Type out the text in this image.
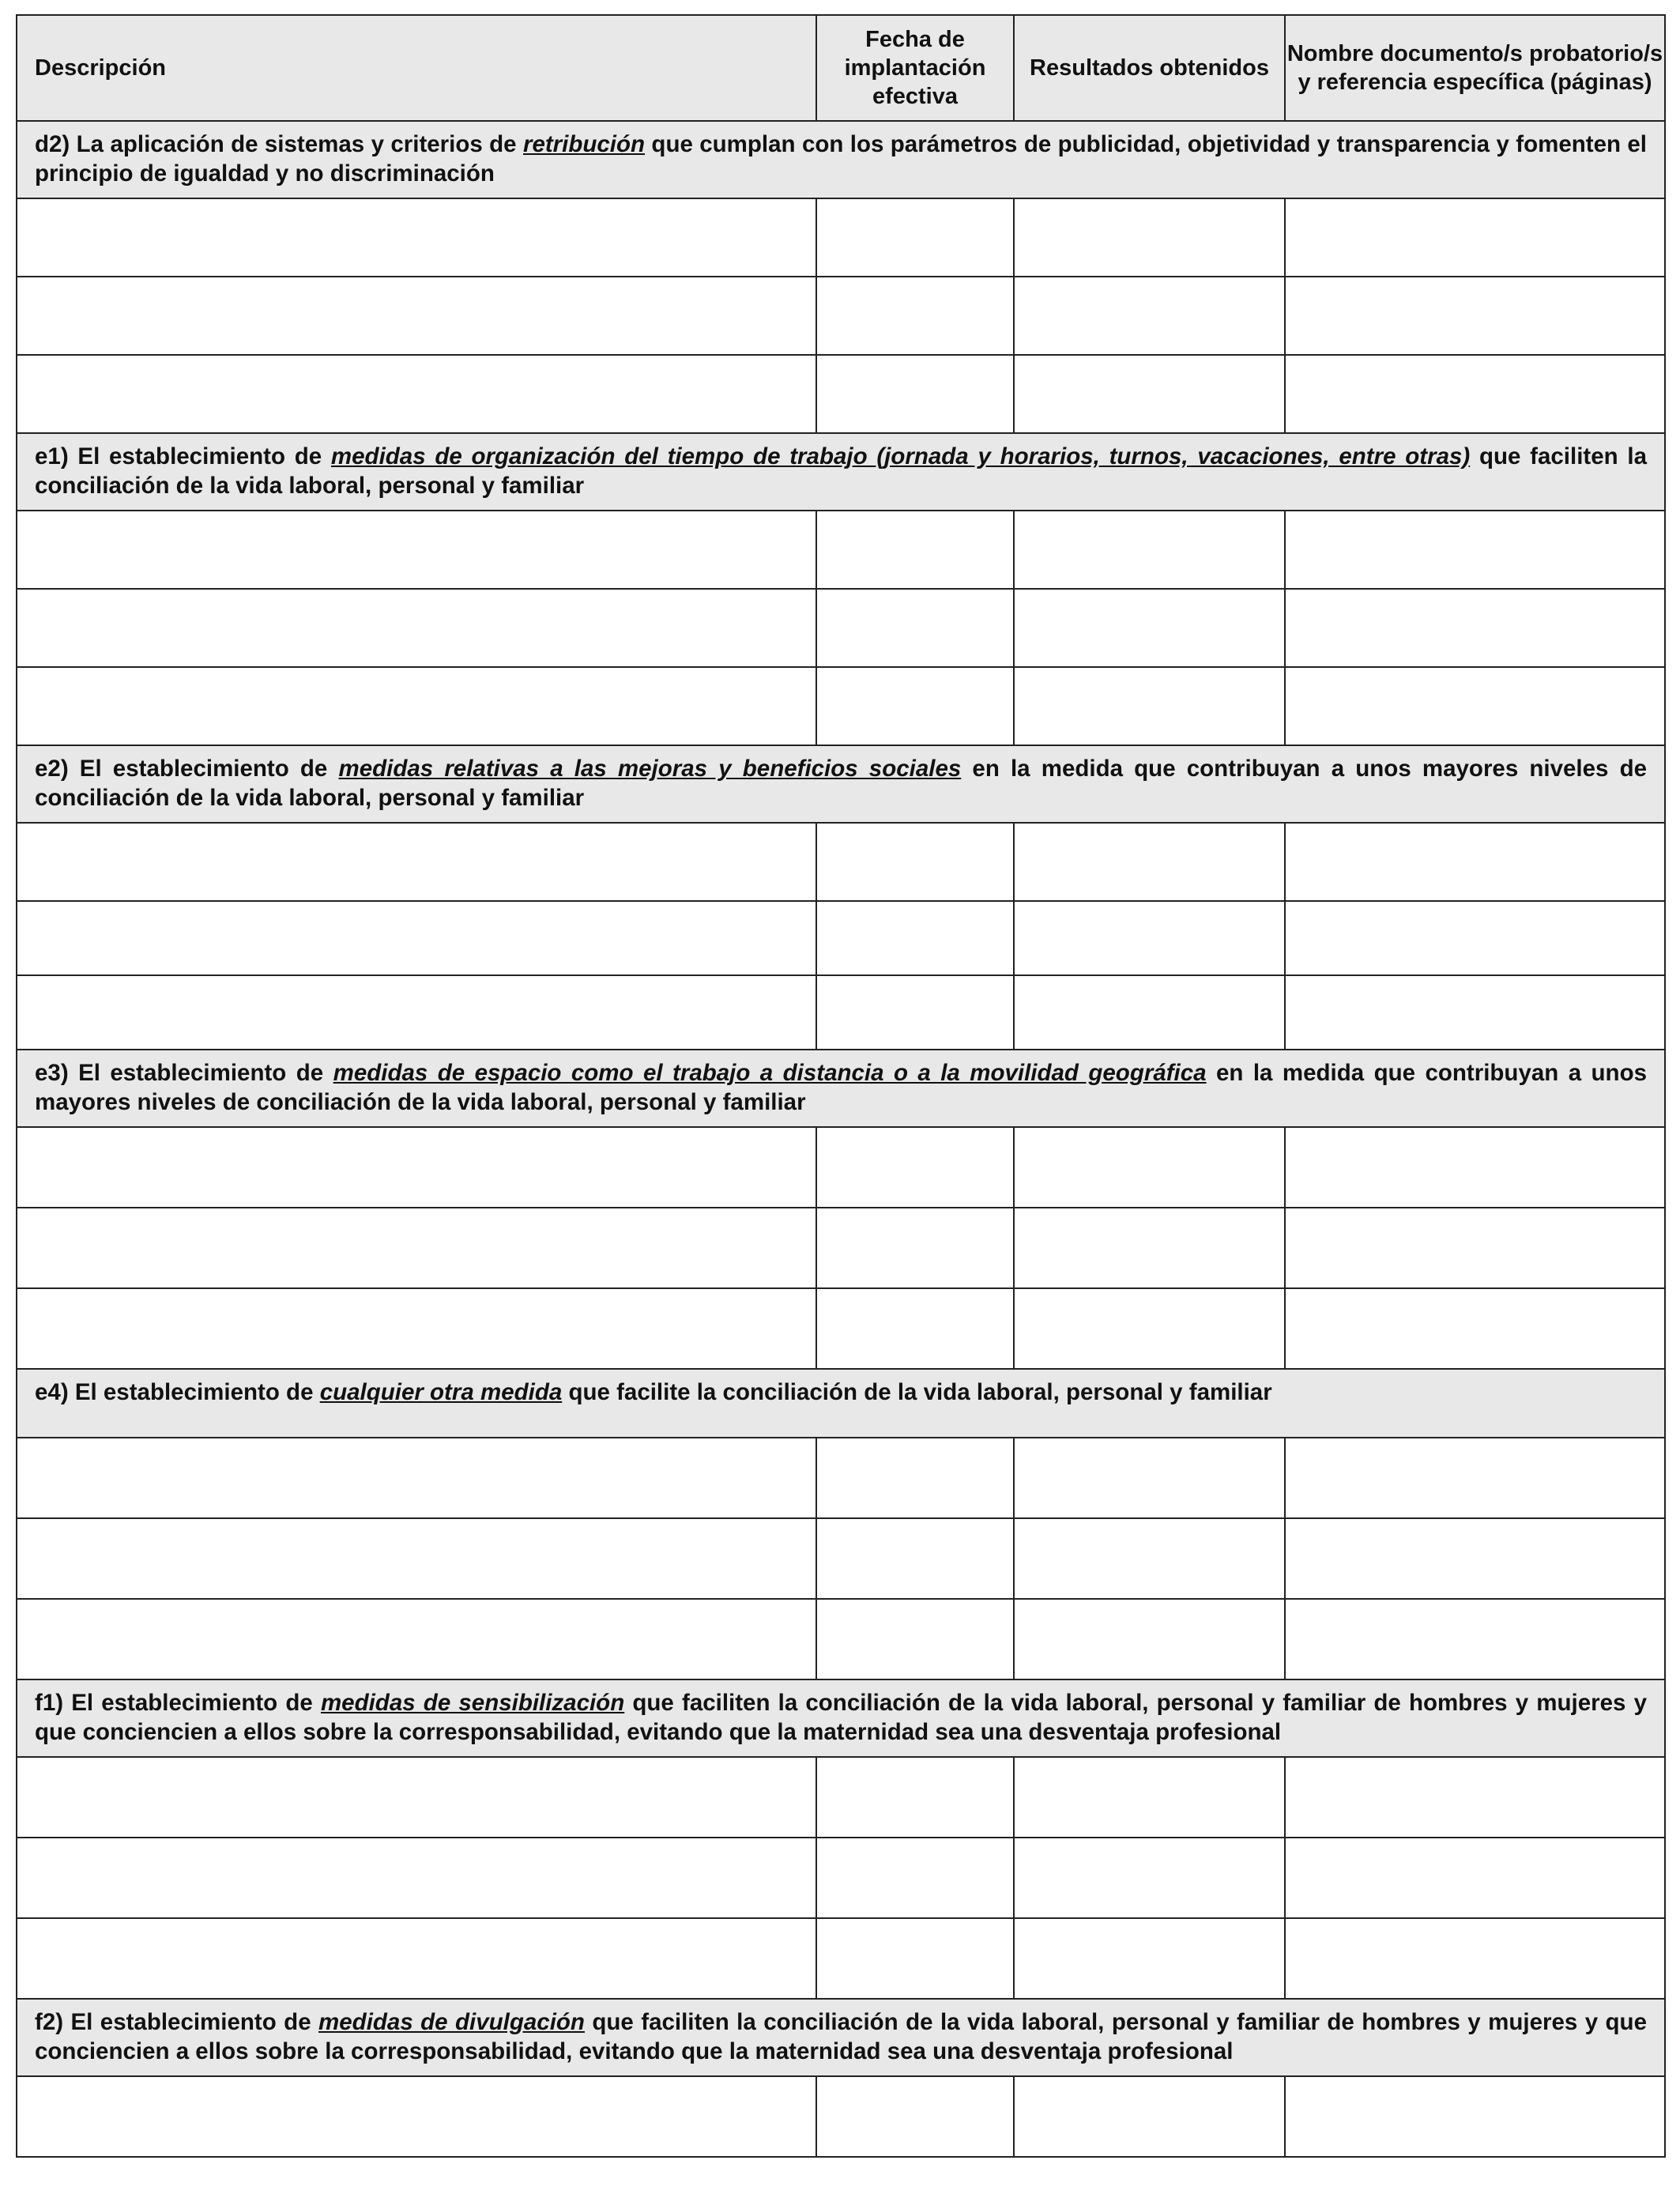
Descripción	Fecha de implantación efectiva	Resultados obtenidos	Nombre documento/s probatorio/s y referencia específica (páginas)
d2) La aplicación de sistemas y criterios de retribución que cumplan con los parámetros de publicidad, objetividad y transparencia y fomenten el principio de igualdad y no discriminación			

e1) El establecimiento de medidas de organización del tiempo de trabajo (jornada y horarios, turnos, vacaciones, entre otras) que faciliten la conciliación de la vida laboral, personal y familiar			

e2) El establecimiento de medidas relativas a las mejoras y beneficios sociales en la medida que contribuyan a unos mayores niveles de conciliación de la vida laboral, personal y familiar			

e3) El establecimiento de medidas de espacio como el trabajo a distancia o a la movilidad geográfica en la medida que contribuyan a unos mayores niveles de conciliación de la vida laboral, personal y familiar			

e4) El establecimiento de cualquier otra medida que facilite la conciliación de la vida laboral, personal y familiar			

f1) El establecimiento de medidas de sensibilización que faciliten la conciliación de la vida laboral, personal y familiar de hombres y mujeres y que conciencien a ellos sobre la corresponsabilidad, evitando que la maternidad sea una desventaja profesional			

f2) El establecimiento de medidas de divulgación que faciliten la conciliación de la vida laboral, personal y familiar de hombres y mujeres y que conciencien a ellos sobre la corresponsabilidad, evitando que la maternidad sea una desventaja profesional			
